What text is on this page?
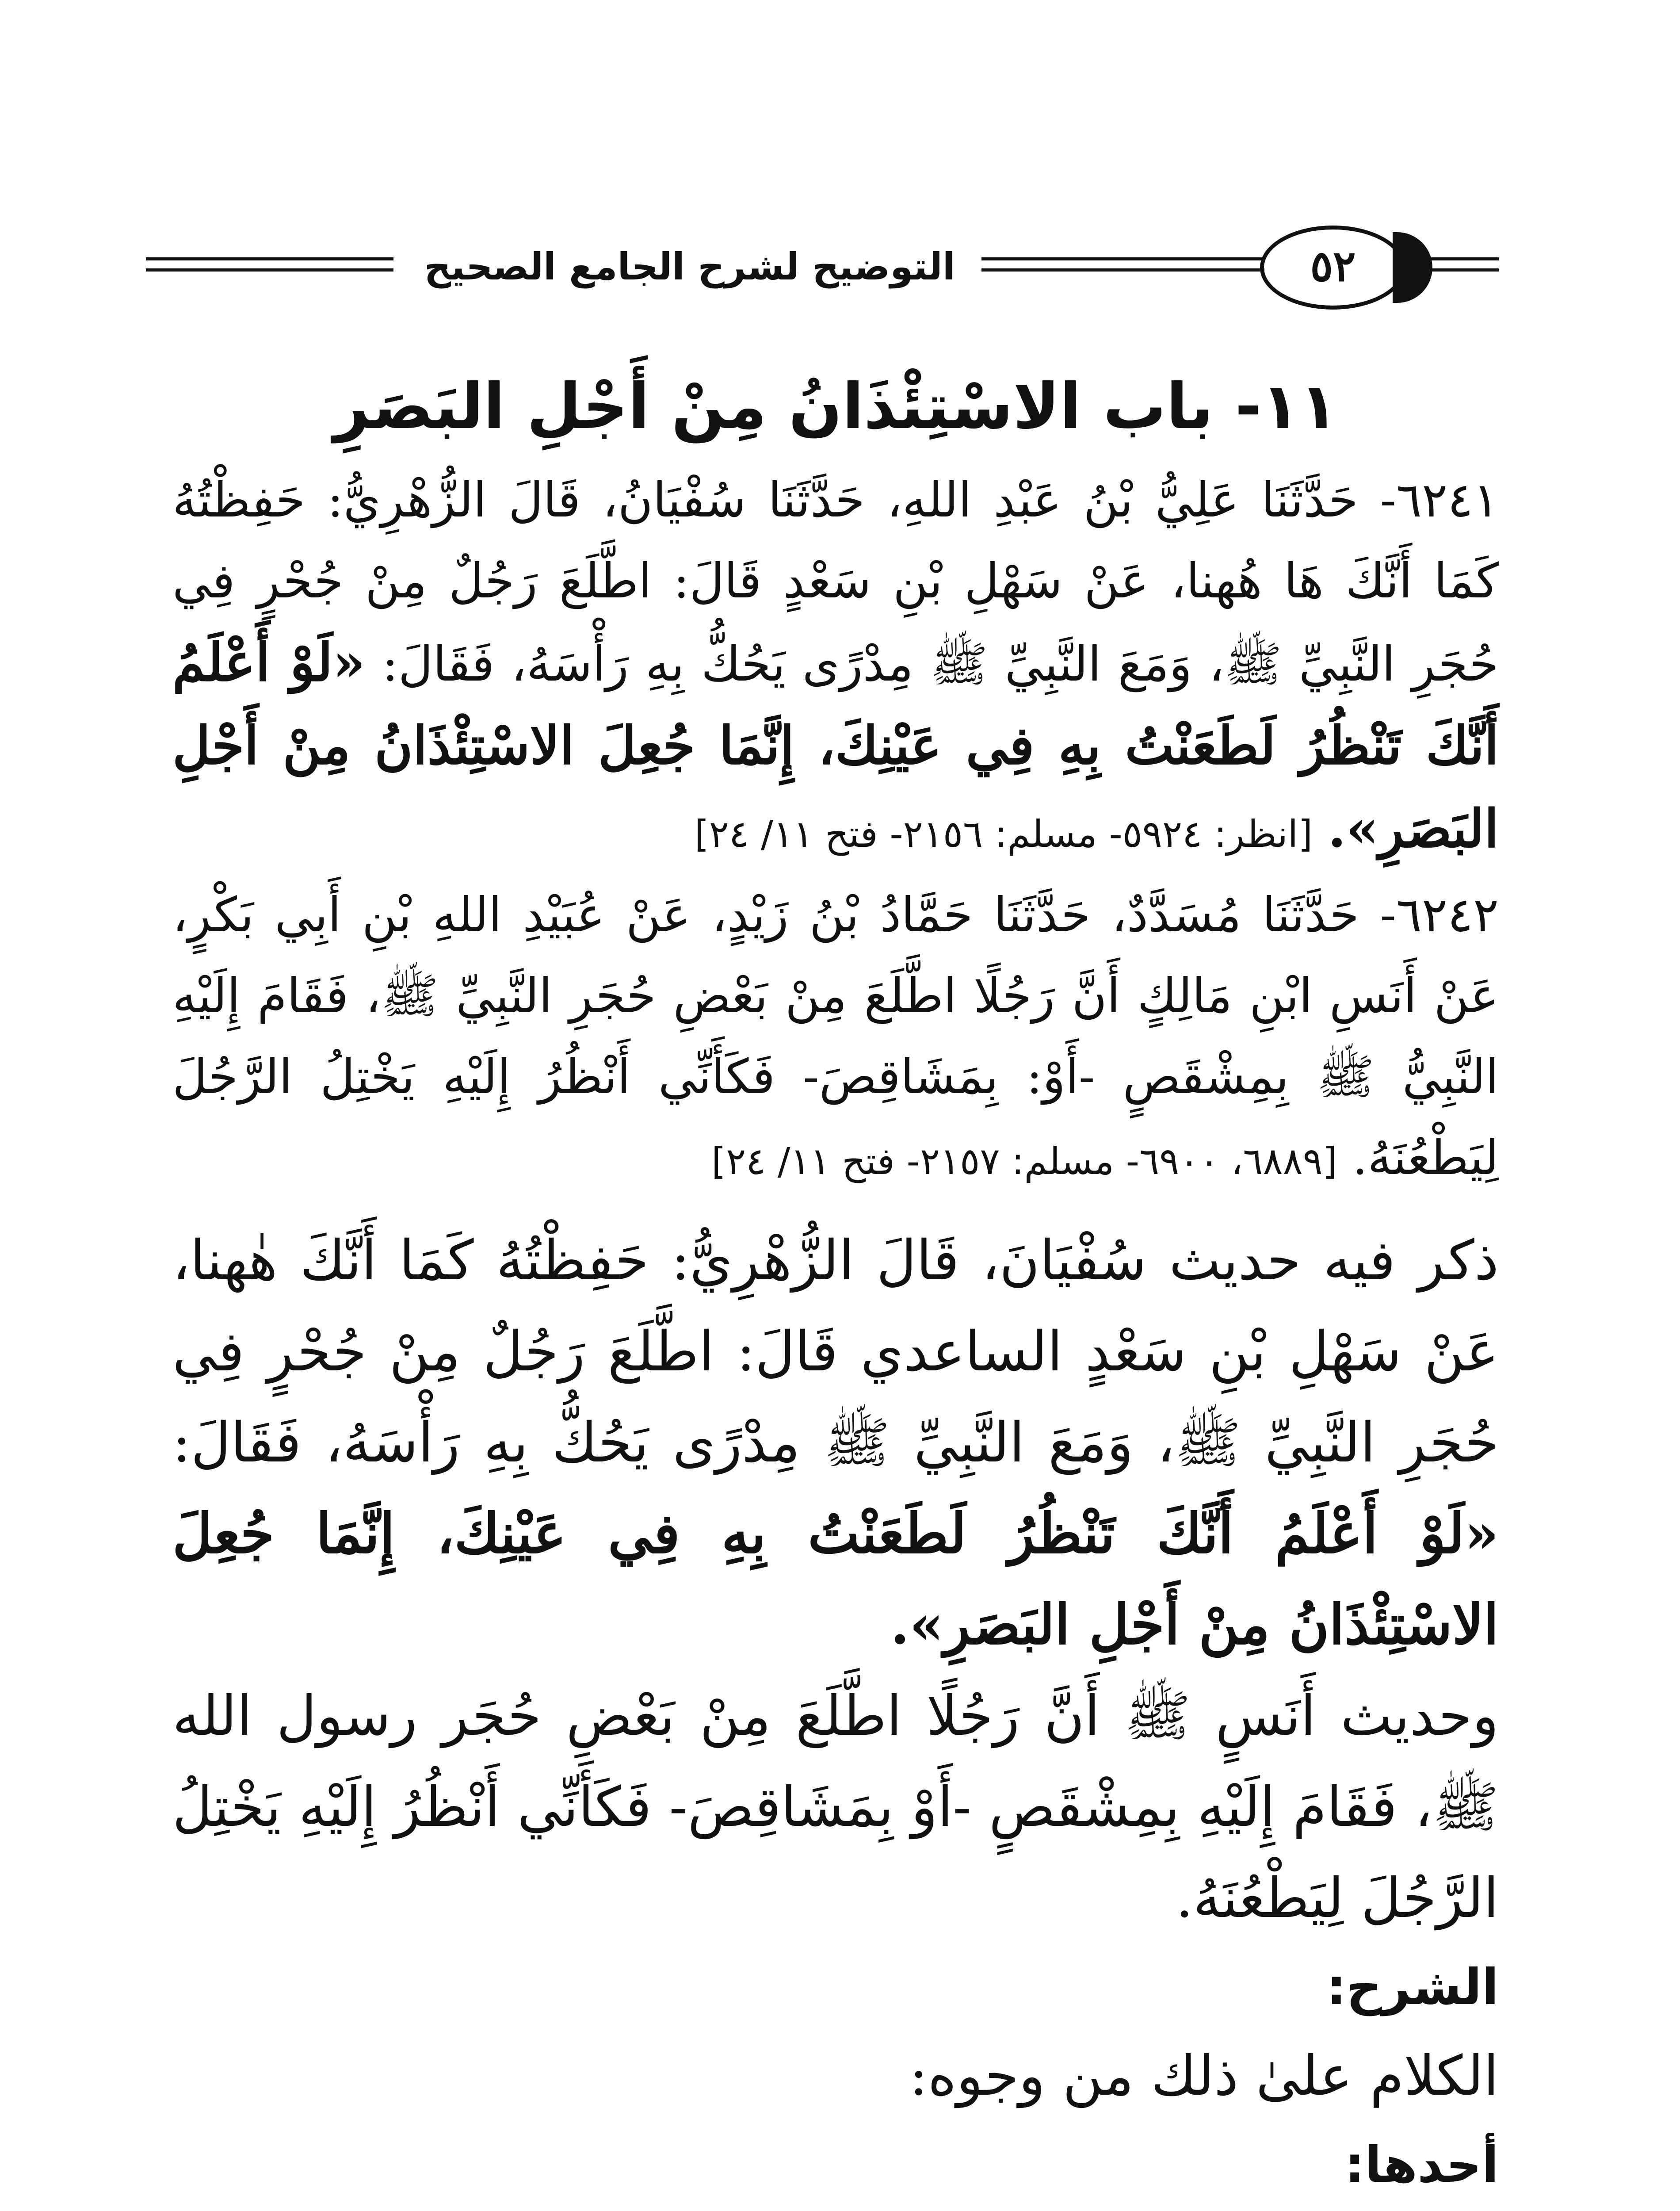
التوضيح لشرح الجامع الصحيح	٥٢
١١- باب الاسْتِئْذَانُ مِنْ أَجْلِ البَصَرِ

٦٢٤١- حَدَّثَنَا عَلِيُّ بْنُ عَبْدِ اللهِ، حَدَّثَنَا سُفْيَانُ، قَالَ الزُّهْرِيُّ: حَفِظْتُهُ كَمَا أَنَّكَ هَا هُهنا، عَنْ سَهْلِ بْنِ سَعْدٍ قَالَ: اطَّلَعَ رَجُلٌ مِنْ جُحْرٍ فِي حُجَرِ النَّبِيِّ ﷺ، وَمَعَ النَّبِيِّ ﷺ مِدْرًى يَحُكُّ بِهِ رَأْسَهُ، فَقَالَ: «لَوْ أَعْلَمُ أَنَّكَ تَنْظُرُ لَطَعَنْتُ بِهِ فِي عَيْنِكَ، إِنَّمَا جُعِلَ الاسْتِئْذَانُ مِنْ أَجْلِ البَصَرِ». [انظر: ٥٩٢٤- مسلم: ٢١٥٦- فتح ١١/ ٢٤]

٦٢٤٢- حَدَّثَنَا مُسَدَّدٌ، حَدَّثَنَا حَمَّادُ بْنُ زَيْدٍ، عَنْ عُبَيْدِ اللهِ بْنِ أَبِي بَكْرٍ، عَنْ أَنَسِ ابْنِ مَالِكٍ أَنَّ رَجُلًا اطَّلَعَ مِنْ بَعْضِ حُجَرِ النَّبِيِّ ﷺ، فَقَامَ إِلَيْهِ النَّبِيُّ ﷺ بِمِشْقَصٍ -أَوْ: بِمَشَاقِصَ- فَكَأَنِّي أَنْظُرُ إِلَيْهِ يَخْتِلُ الرَّجُلَ لِيَطْعُنَهُ. [٦٨٨٩، ٦٩٠٠- مسلم: ٢١٥٧- فتح ١١/ ٢٤]

ذكر فيه حديث سُفْيَانَ، قَالَ الزُّهْرِيُّ: حَفِظْتُهُ كَمَا أَنَّكَ هٰهنا، عَنْ سَهْلِ بْنِ سَعْدٍ الساعدي قَالَ: اطَّلَعَ رَجُلٌ مِنْ جُحْرٍ فِي حُجَرِ النَّبِيِّ ﷺ، وَمَعَ النَّبِيِّ ﷺ مِدْرًى يَحُكُّ بِهِ رَأْسَهُ، فَقَالَ: «لَوْ أَعْلَمُ أَنَّكَ تَنْظُرُ لَطَعَنْتُ بِهِ فِي عَيْنِكَ، إِنَّمَا جُعِلَ الاسْتِئْذَانُ مِنْ أَجْلِ البَصَرِ».

وحديث أَنَسٍ ﷺ أَنَّ رَجُلًا اطَّلَعَ مِنْ بَعْضِ حُجَر رسول الله ﷺ، فَقَامَ إِلَيْهِ بِمِشْقَصٍ -أَوْ بِمَشَاقِصَ- فَكَأَنِّي أَنْظُرُ إِلَيْهِ يَخْتِلُ الرَّجُلَ لِيَطْعُنَهُ.

الشرح:

الكلام علىٰ ذلك من وجوه:

أحدها:
